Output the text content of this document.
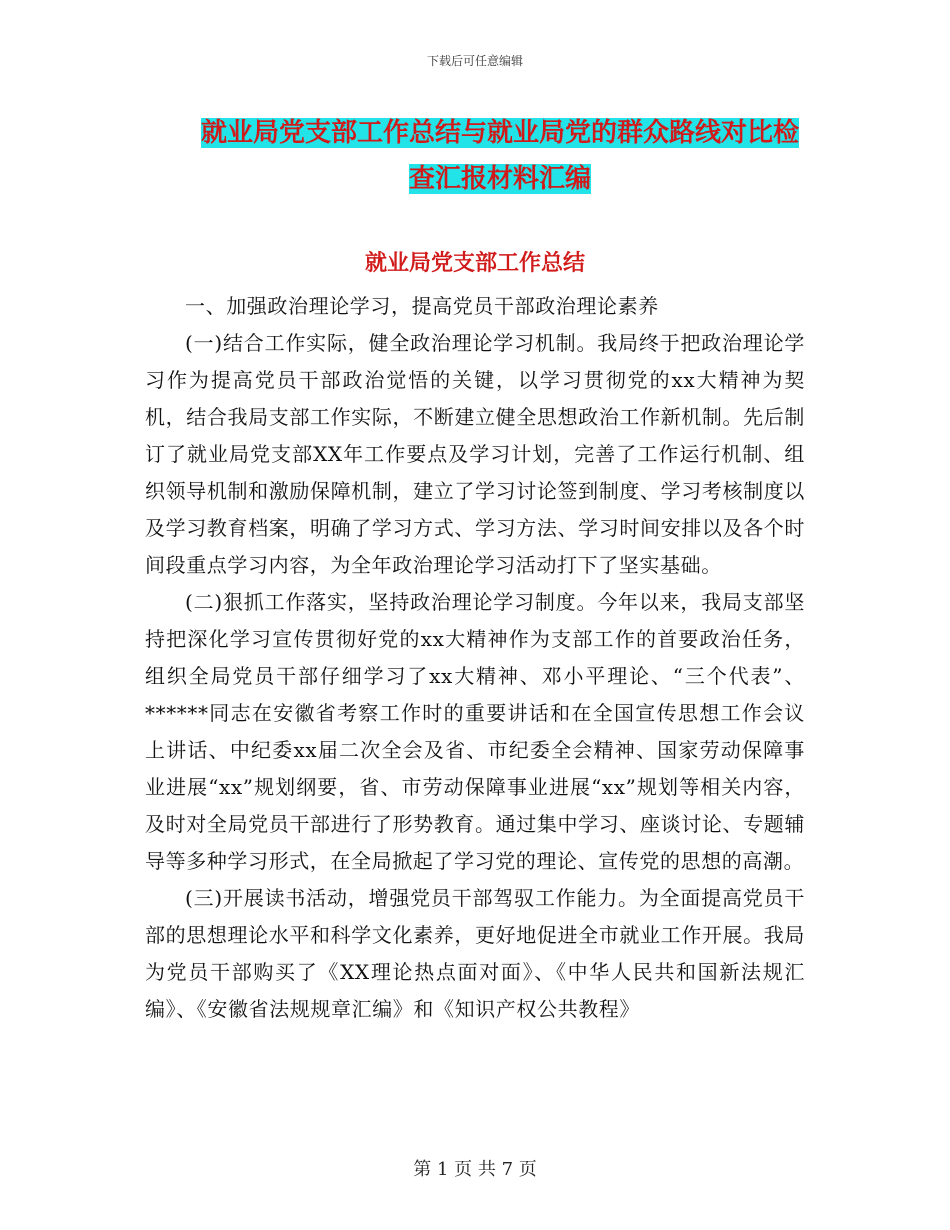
下载后可任意编辑
就业局党支部工作总结与就业局党的群众路线对比检
查汇报材料汇编
就业局党支部工作总结

一、加强政治理论学习，提高党员干部政治理论素养

(一)结合工作实际，健全政治理论学习机制。我局终于把政治理论学习作为提高党员干部政治觉悟的关键，以学习贯彻党的xx大精神为契机，结合我局支部工作实际，不断建立健全思想政治工作新机制。先后制订了就业局党支部XX年工作要点及学习计划，完善了工作运行机制、组织领导机制和激励保障机制，建立了学习讨论签到制度、学习考核制度以及学习教育档案，明确了学习方式、学习方法、学习时间安排以及各个时间段重点学习内容，为全年政治理论学习活动打下了坚实基础。

(二)狠抓工作落实，坚持政治理论学习制度。今年以来，我局支部坚持把深化学习宣传贯彻好党的xx大精神作为支部工作的首要政治任务，组织全局党员干部仔细学习了xx大精神、邓小平理论、“三个代表”、******同志在安徽省考察工作时的重要讲话和在全国宣传思想工作会议上讲话、中纪委xx届二次全会及省、市纪委全会精神、国家劳动保障事业进展“xx”规划纲要，省、市劳动保障事业进展“xx”规划等相关内容，及时对全局党员干部进行了形势教育。通过集中学习、座谈讨论、专题辅导等多种学习形式，在全局掀起了学习党的理论、宣传党的思想的高潮。

(三)开展读书活动，增强党员干部驾驭工作能力。为全面提高党员干部的思想理论水平和科学文化素养，更好地促进全市就业工作开展。我局为党员干部购买了《XX理论热点面对面》、《中华人民共和国新法规汇编》、《安徽省法规规章汇编》和《知识产权公共教程》

第 1 页 共 7 页
